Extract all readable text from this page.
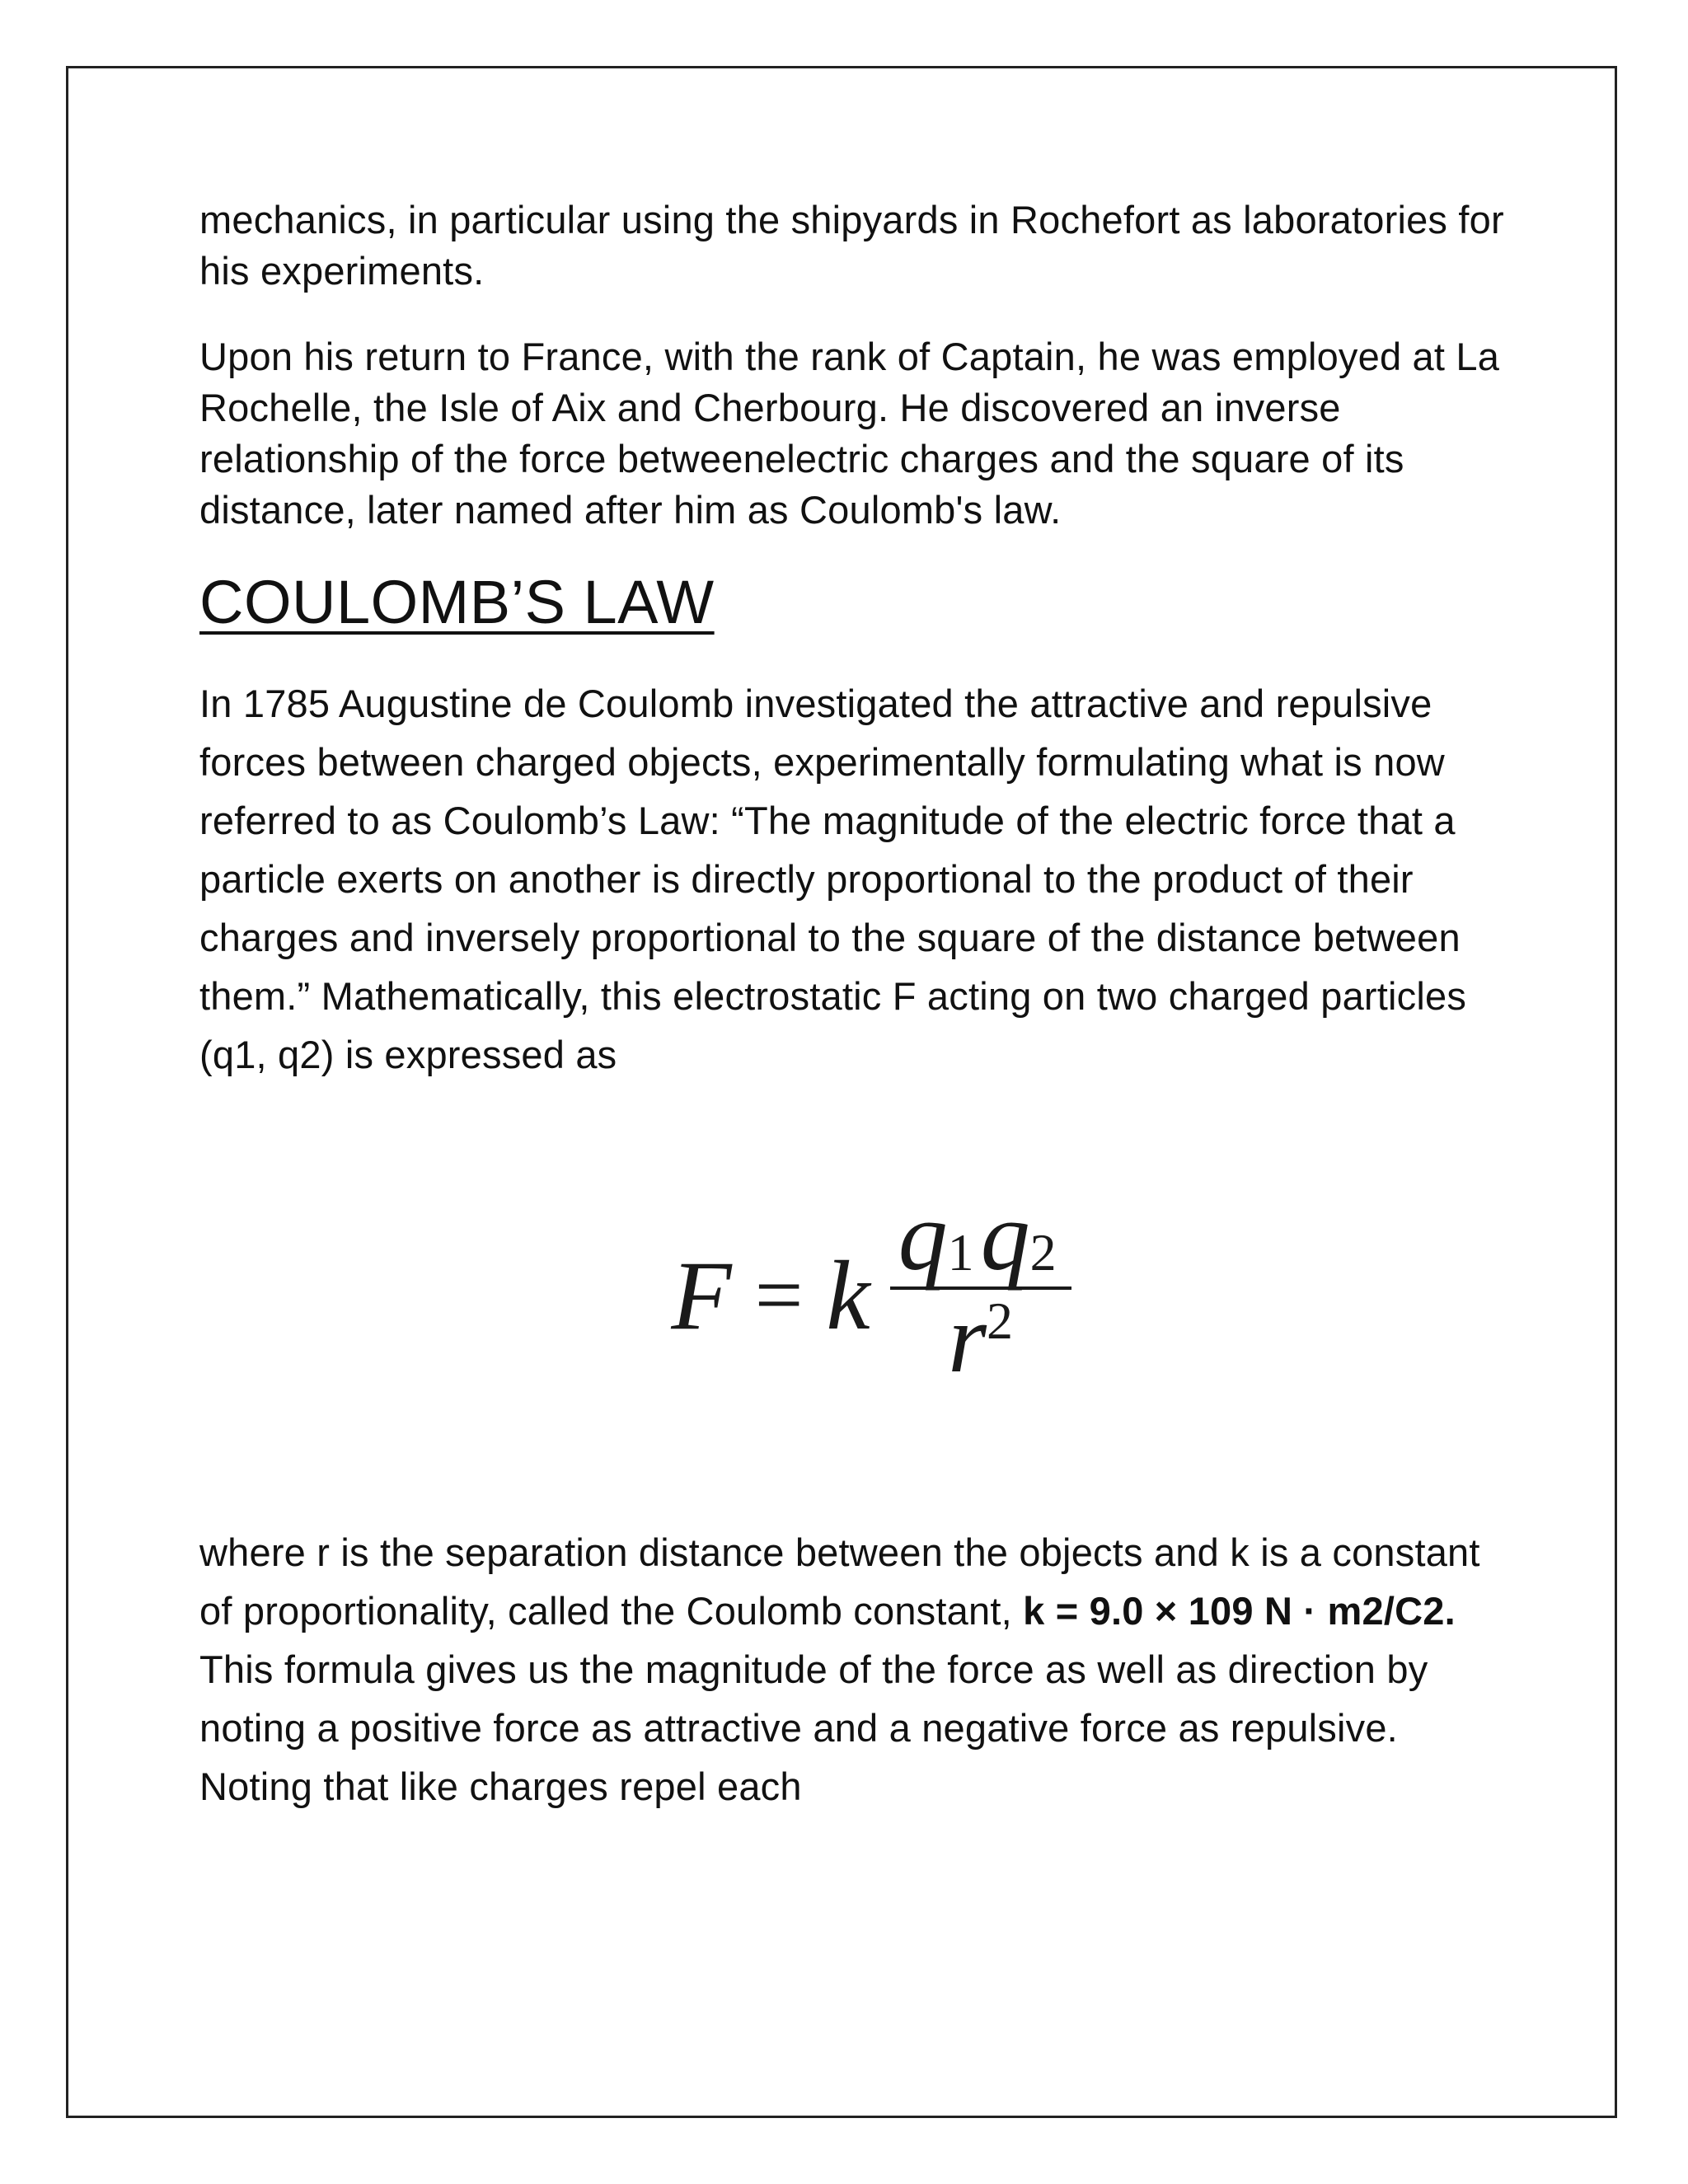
mechanics, in particular using the shipyards in Rochefort as laboratories for his experiments.

Upon his return to France, with the rank of Captain, he was employed at La Rochelle, the Isle of Aix and Cherbourg. He discovered an inverse relationship of the force betweenelectric charges and the square of its distance, later named after him as Coulomb's law.

COULOMB’S LAW

In 1785 Augustine de Coulomb investigated the attractive and repulsive forces between charged objects, experimentally formulating what is now referred to as Coulomb’s Law: “The magnitude of the electric force that a particle exerts on another is directly proportional to the product of their charges and inversely proportional to the square of the distance between them.” Mathematically, this electrostatic F acting on two charged particles (q1, q2) is expressed as

F = k $\frac{q 1 q 2}{r^2}$

where r is the separation distance between the objects and k is a constant of proportionality, called the Coulomb constant, k = 9.0 × 109 N · m2/C2. This formula gives us the magnitude of the force as well as direction by noting a positive force as attractive and a negative force as repulsive. Noting that like charges repel each
